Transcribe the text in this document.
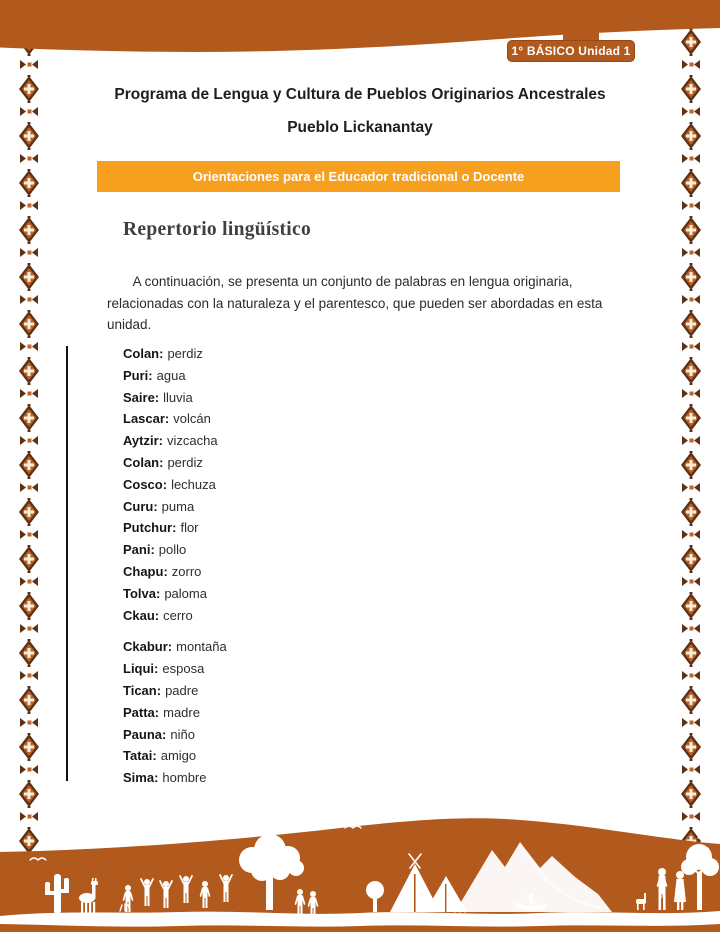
1° BÁSICO Unidad 1
Programa de Lengua y Cultura de Pueblos Originarios Ancestrales
Pueblo Lickanantay
Orientaciones para el Educador tradicional o Docente
Repertorio lingüístico

A continuación, se presenta un conjunto de palabras en lengua originaria, relacionadas con la naturaleza y el parentesco, que pueden ser abordadas en esta unidad.

Colan: perdiz
Puri: agua
Saire: lluvia
Lascar: volcán
Aytzir: vizcacha
Colan: perdiz
Cosco: lechuza
Curu: puma
Putchur: flor
Pani: pollo
Chapu: zorro
Tolva: paloma
Ckau: cerro
Ckabur: montaña
Liqui: esposa
Tican: padre
Patta: madre
Pauna: niño
Tatai: amigo
Sima: hombre
